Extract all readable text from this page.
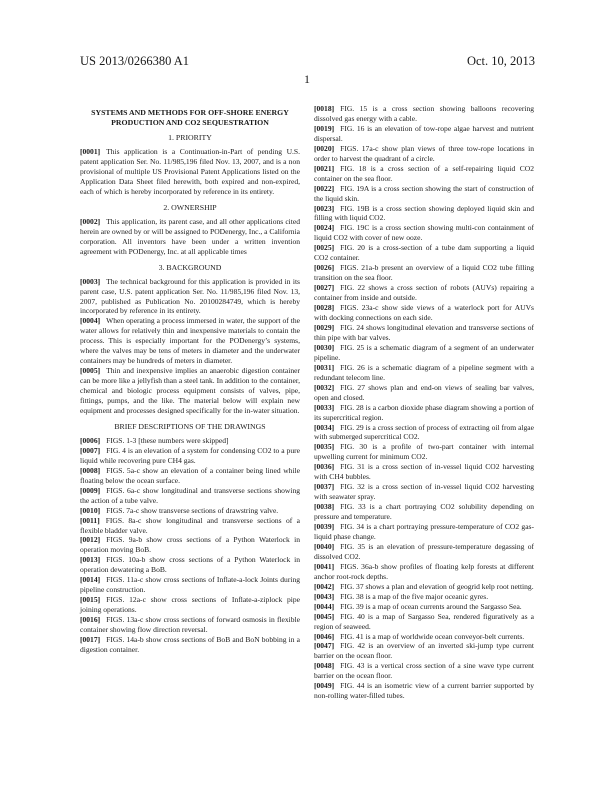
US 2013/0266380 A1	Oct. 10, 2013
1
SYSTEMS AND METHODS FOR OFF-SHORE ENERGY PRODUCTION AND CO2 SEQUESTRATION
1. PRIORITY

[0001] This application is a Continuation-in-Part of pending U.S. patent application Ser. No. 11/985,196 filed Nov. 13, 2007, and is a non provisional of multiple US Provisional Patent Applications listed on the Application Data Sheet filed herewith, both expired and non-expired, each of which is hereby incorporated by reference in its entirety.

2. OWNERSHIP

[0002] This application, its parent case, and all other applications cited herein are owned by or will be assigned to PODenergy, Inc., a California corporation. All inventors have been under a written invention agreement with PODenergy, Inc. at all applicable times

3. BACKGROUND

[0003] The technical background for this application is provided in its parent case, U.S. patent application Ser. No. 11/985,196 filed Nov. 13, 2007, published as Publication No. 20100284749, which is hereby incorporated by reference in its entirety.

[0004] When operating a process immersed in water, the support of the water allows for relatively thin and inexpensive materials to contain the process. This is especially important for the PODenergy’s systems, where the valves may be tens of meters in diameter and the underwater containers may be hundreds of meters in diameter.

[0005] Thin and inexpensive implies an anaerobic digestion container can be more like a jellyfish than a steel tank. In addition to the container, chemical and biologic process equipment consists of valves, pipe, fittings, pumps, and the like. The material below will explain new equipment and processes designed specifically for the in-water situation.

BRIEF DESCRIPTIONS OF THE DRAWINGS

[0006] FIGS. 1-3 [these numbers were skipped]

[0007] FIG. 4 is an elevation of a system for condensing CO2 to a pure liquid while recovering pure CH4 gas.

[0008] FIGS. 5a-c show an elevation of a container being lined while floating below the ocean surface.

[0009] FIGS. 6a-c show longitudinal and transverse sections showing the action of a tube valve.

[0010] FIGS. 7a-c show transverse sections of drawstring valve.

[0011] FIGS. 8a-c show longitudinal and transverse sections of a flexible bladder valve.

[0012] FIGS. 9a-b show cross sections of a Python Waterlock in operation moving BoB.

[0013] FIGS. 10a-b show cross sections of a Python Waterlock in operation dewatering a BoB.

[0014] FIGS. 11a-c show cross sections of Inflate-a-lock Joints during pipeline construction.

[0015] FIGS. 12a-c show cross sections of Inflate-a-ziplock pipe joining operations.

[0016] FIGS. 13a-c show cross sections of forward osmosis in flexible container showing flow direction reversal.

[0017] FIGS. 14a-b show cross sections of BoB and BoN bobbing in a digestion container.

[0018] FIG. 15 is a cross section showing balloons recovering dissolved gas energy with a cable.

[0019] FIG. 16 is an elevation of tow-rope algae harvest and nutrient dispersal.

[0020] FIGS. 17a-c show plan views of three tow-rope locations in order to harvest the quadrant of a circle.

[0021] FIG. 18 is a cross section of a self-repairing liquid CO2 container on the sea floor.

[0022] FIG. 19A is a cross section showing the start of construction of the liquid skin.

[0023] FIG. 19B is a cross section showing deployed liquid skin and filling with liquid CO2.

[0024] FIG. 19C is a cross section showing multi-con containment of liquid CO2 with cover of new ooze.

[0025] FIG. 20 is a cross-section of a tube dam supporting a liquid CO2 container.

[0026] FIGS. 21a-b present an overview of a liquid CO2 tube filling transition on the sea floor.

[0027] FIG. 22 shows a cross section of robots (AUVs) repairing a container from inside and outside.

[0028] FIGS. 23a-c show side views of a waterlock port for AUVs with docking connections on each side.

[0029] FIG. 24 shows longitudinal elevation and transverse sections of thin pipe with bar valves.

[0030] FIG. 25 is a schematic diagram of a segment of an underwater pipeline.

[0031] FIG. 26 is a schematic diagram of a pipeline segment with a redundant telecom line.

[0032] FIG. 27 shows plan and end-on views of sealing bar valves, open and closed.

[0033] FIG. 28 is a carbon dioxide phase diagram showing a portion of its supercritical region.

[0034] FIG. 29 is a cross section of process of extracting oil from algae with submerged supercritical CO2.

[0035] FIG. 30 is a profile of two-part container with internal upwelling current for minimum CO2.

[0036] FIG. 31 is a cross section of in-vessel liquid CO2 harvesting with CH4 bubbles.

[0037] FIG. 32 is a cross section of in-vessel liquid CO2 harvesting with seawater spray.

[0038] FIG. 33 is a chart portraying CO2 solubility depending on pressure and temperature.

[0039] FIG. 34 is a chart portraying pressure-temperature of CO2 gas-liquid phase change.

[0040] FIG. 35 is an elevation of pressure-temperature degassing of dissolved CO2.

[0041] FIGS. 36a-b show profiles of floating kelp forests at different anchor root-rock depths.

[0042] FIG. 37 shows a plan and elevation of geogrid kelp root netting.

[0043] FIG. 38 is a map of the five major oceanic gyres.

[0044] FIG. 39 is a map of ocean currents around the Sargasso Sea.

[0045] FIG. 40 is a map of Sargasso Sea, rendered figuratively as a region of seaweed.

[0046] FIG. 41 is a map of worldwide ocean conveyor-belt currents.

[0047] FIG. 42 is an overview of an inverted ski-jump type current barrier on the ocean floor.

[0048] FIG. 43 is a vertical cross section of a sine wave type current barrier on the ocean floor.

[0049] FIG. 44 is an isometric view of a current barrier supported by non-rolling water-filled tubes.
